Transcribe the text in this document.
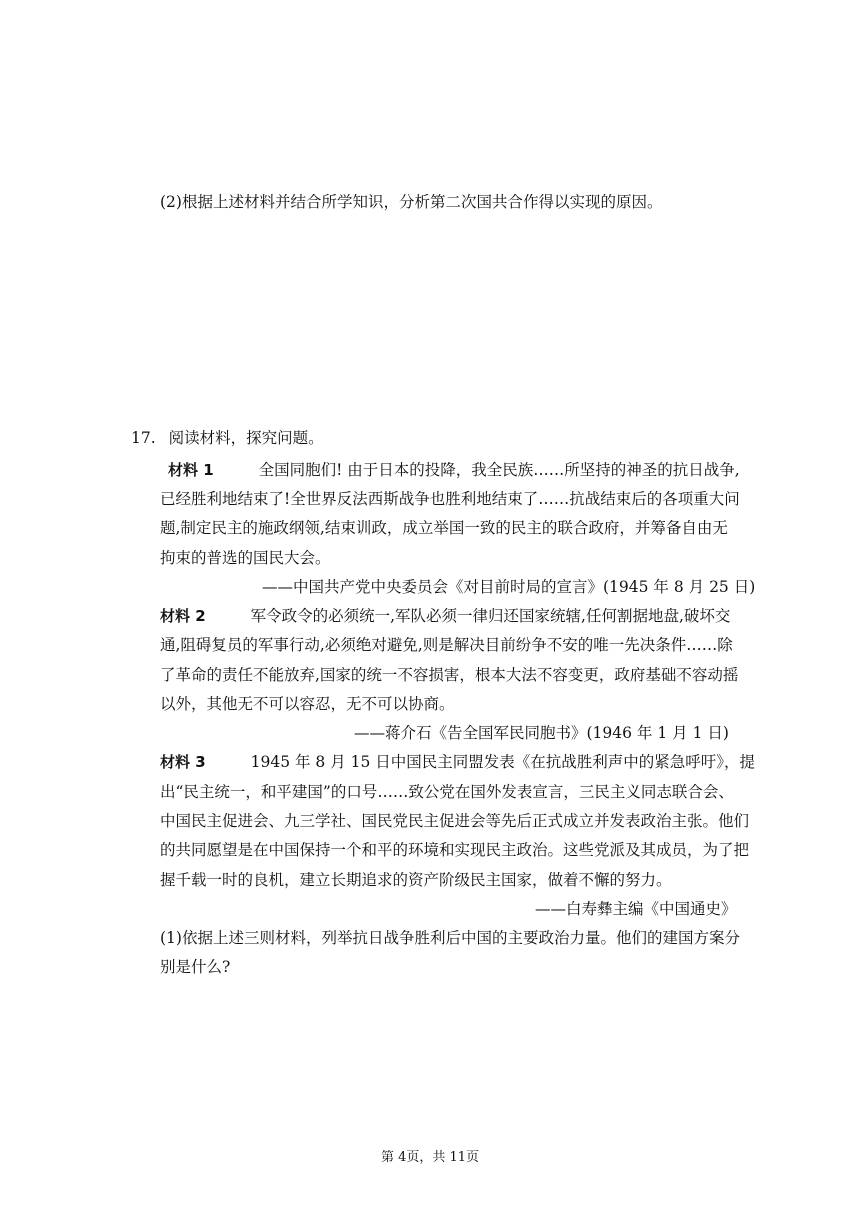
(2)根据上述材料并结合所学知识，分析第二次国共合作得以实现的原因。
17. 阅读材料，探究问题。
材料 1	全国同胞们! 由于日本的投降，我全民族……所坚持的神圣的抗日战争,
已经胜利地结束了!全世界反法西斯战争也胜利地结束了……抗战结束后的各项重大问
题,制定民主的施政纲领,结束训政，成立举国一致的民主的联合政府，并筹备自由无
拘束的普选的国民大会。
——中国共产党中央委员会《对目前时局的宣言》(1945 年 8 月 25 日)
材料 2	军令政令的必须统一,军队必须一律归还国家统辖,任何割据地盘,破坏交
通,阻碍复员的军事行动,必须绝对避免,则是解决目前纷争不安的唯一先决条件……除
了革命的责任不能放弃,国家的统一不容损害，根本大法不容变更，政府基础不容动摇
以外，其他无不可以容忍，无不可以协商。
——蒋介石《告全国军民同胞书》(1946 年 1 月 1 日)
材料 3	1945 年 8 月 15 日中国民主同盟发表《在抗战胜利声中的紧急呼吁》，提
出“民主统一，和平建国”的口号……致公党在国外发表宣言，三民主义同志联合会、
中国民主促进会、九三学社、国民党民主促进会等先后正式成立并发表政治主张。他们
的共同愿望是在中国保持一个和平的环境和实现民主政治。这些党派及其成员，为了把
握千载一时的良机，建立长期追求的资产阶级民主国家，做着不懈的努力。
——白寿彝主编《中国通史》
(1)依据上述三则材料，列举抗日战争胜利后中国的主要政治力量。他们的建国方案分
别是什么?
第 4页，共 11页
